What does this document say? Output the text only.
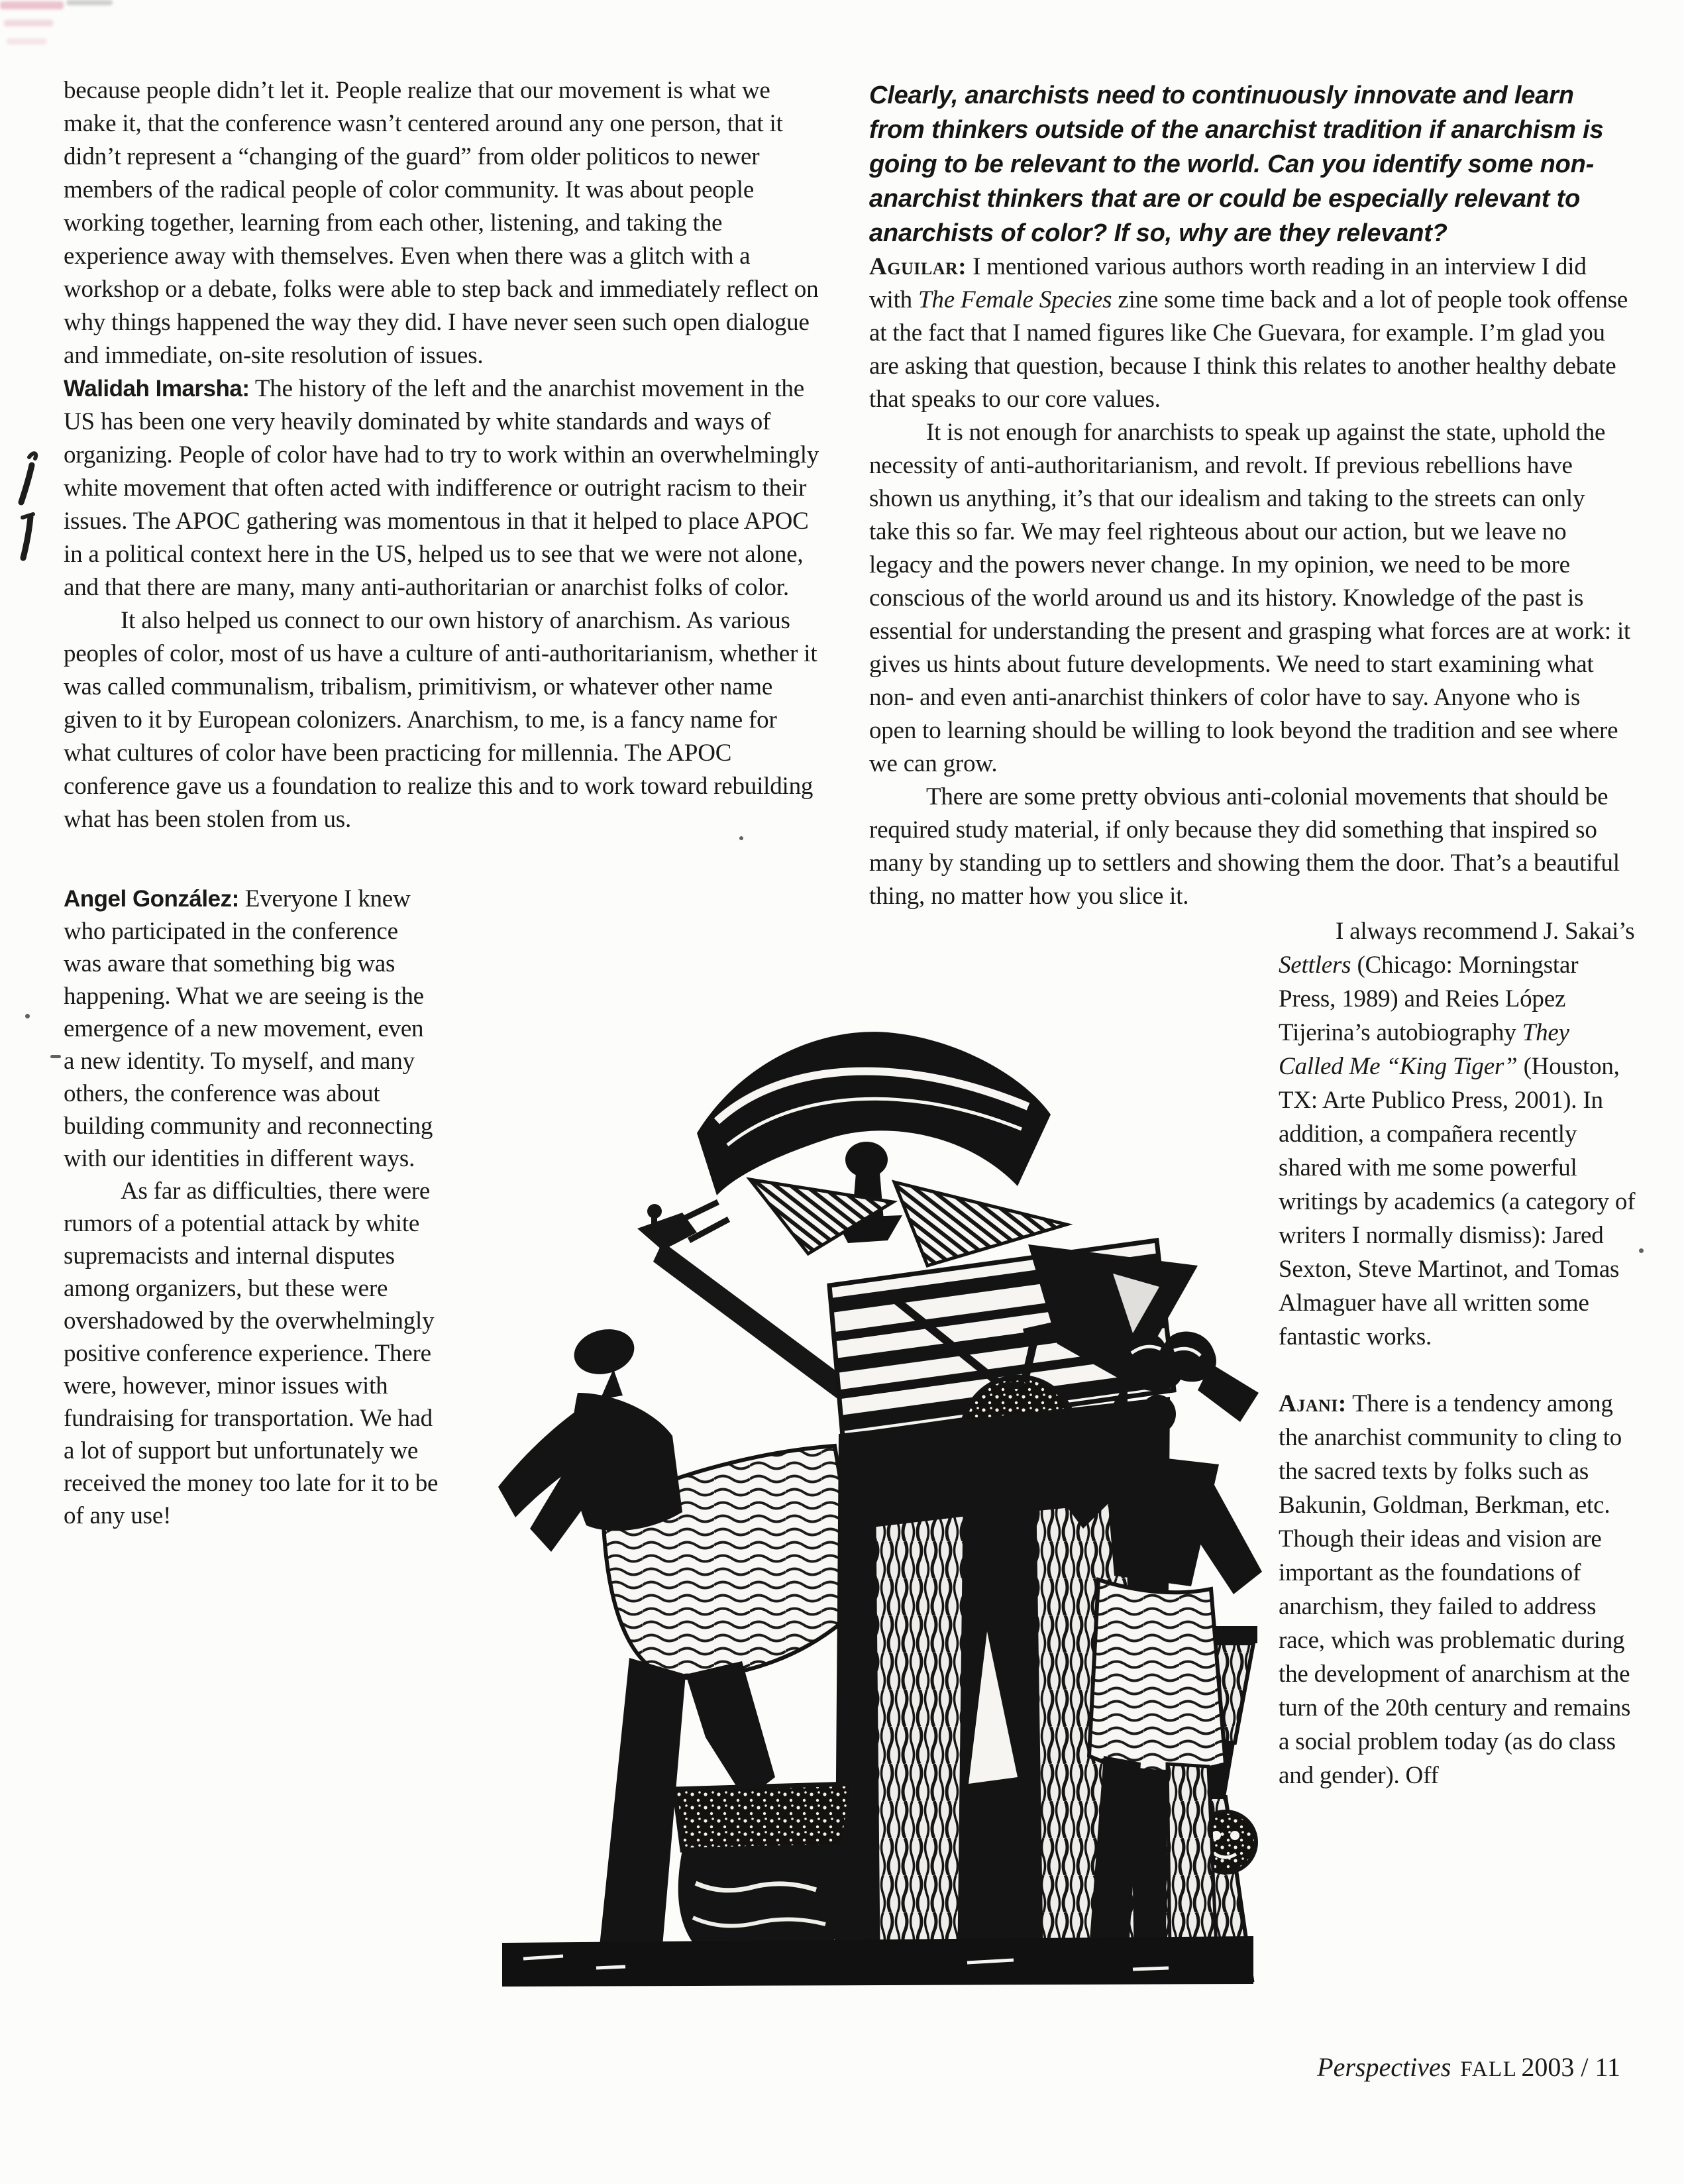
because people didn’t let it. People realize that our movement is what we make it, that the conference wasn’t centered around any one person, that it didn’t represent a “changing of the guard” from older politicos to newer members of the radical people of color community. It was about people working together, learning from each other, listening, and taking the experience away with themselves. Even when there was a glitch with a workshop or a debate, folks were able to step back and immediately reflect on why things happened the way they did. I have never seen such open dialogue and immediate, on-site resolution of issues.

Walidah Imarsha: The history of the left and the anarchist movement in the US has been one very heavily dominated by white standards and ways of organizing. People of color have had to try to work within an overwhelmingly white movement that often acted with indifference or outright racism to their issues. The APOC gathering was momentous in that it helped to place APOC in a political context here in the US, helped us to see that we were not alone, and that there are many, many anti-authoritarian or anarchist folks of color.

It also helped us connect to our own history of anarchism. As various peoples of color, most of us have a culture of anti-authoritarianism, whether it was called communalism, tribalism, primitivism, or whatever other name given to it by European colonizers. Anarchism, to me, is a fancy name for what cultures of color have been practicing for millennia. The APOC conference gave us a foundation to realize this and to work toward rebuilding what has been stolen from us.

Angel González: Everyone I knew who participated in the conference was aware that something big was happening. What we are seeing is the emergence of a new movement, even a new identity. To myself, and many others, the conference was about building community and reconnecting with our identities in different ways.

As far as difficulties, there were rumors of a potential attack by white supremacists and internal disputes among organizers, but these were overshadowed by the overwhelmingly positive conference experience. There were, however, minor issues with fundraising for transportation. We had a lot of support but unfortunately we received the money too late for it to be of any use!

Clearly, anarchists need to continuously innovate and learn from thinkers outside of the anarchist tradition if anarchism is going to be relevant to the world. Can you identify some non-anarchist thinkers that are or could be especially relevant to anarchists of color? If so, why are they relevant?

Aguilar: I mentioned various authors worth reading in an interview I did with The Female Species zine some time back and a lot of people took offense at the fact that I named figures like Che Guevara, for example. I’m glad you are asking that question, because I think this relates to another healthy debate that speaks to our core values.

It is not enough for anarchists to speak up against the state, uphold the necessity of anti-authoritarianism, and revolt. If previous rebellions have shown us anything, it’s that our idealism and taking to the streets can only take this so far. We may feel righteous about our action, but we leave no legacy and the powers never change. In my opinion, we need to be more conscious of the world around us and its history. Knowledge of the past is essential for understanding the present and grasping what forces are at work: it gives us hints about future developments. We need to start examining what non- and even anti-anarchist thinkers of color have to say. Anyone who is open to learning should be willing to look beyond the tradition and see where we can grow.

There are some pretty obvious anti-colonial movements that should be required study material, if only because they did something that inspired so many by standing up to settlers and showing them the door. That’s a beautiful thing, no matter how you slice it.

I always recommend J. Sakai’s Settlers (Chicago: Morningstar Press, 1989) and Reies López Tijerina’s autobiography They Called Me “King Tiger” (Houston, TX: Arte Publico Press, 2001). In addition, a compañera recently shared with me some powerful writings by academics (a category of writers I normally dismiss): Jared Sexton, Steve Martinot, and Tomas Almaguer have all written some fantastic works.

Ajani: There is a tendency among the anarchist community to cling to the sacred texts by folks such as Bakunin, Goldman, Berkman, etc. Though their ideas and vision are important as the foundations of anarchism, they failed to address race, which was problematic during the development of anarchism at the turn of the 20th century and remains a social problem today (as do class and gender). Off

Perspectives FALL 2003 / 11
